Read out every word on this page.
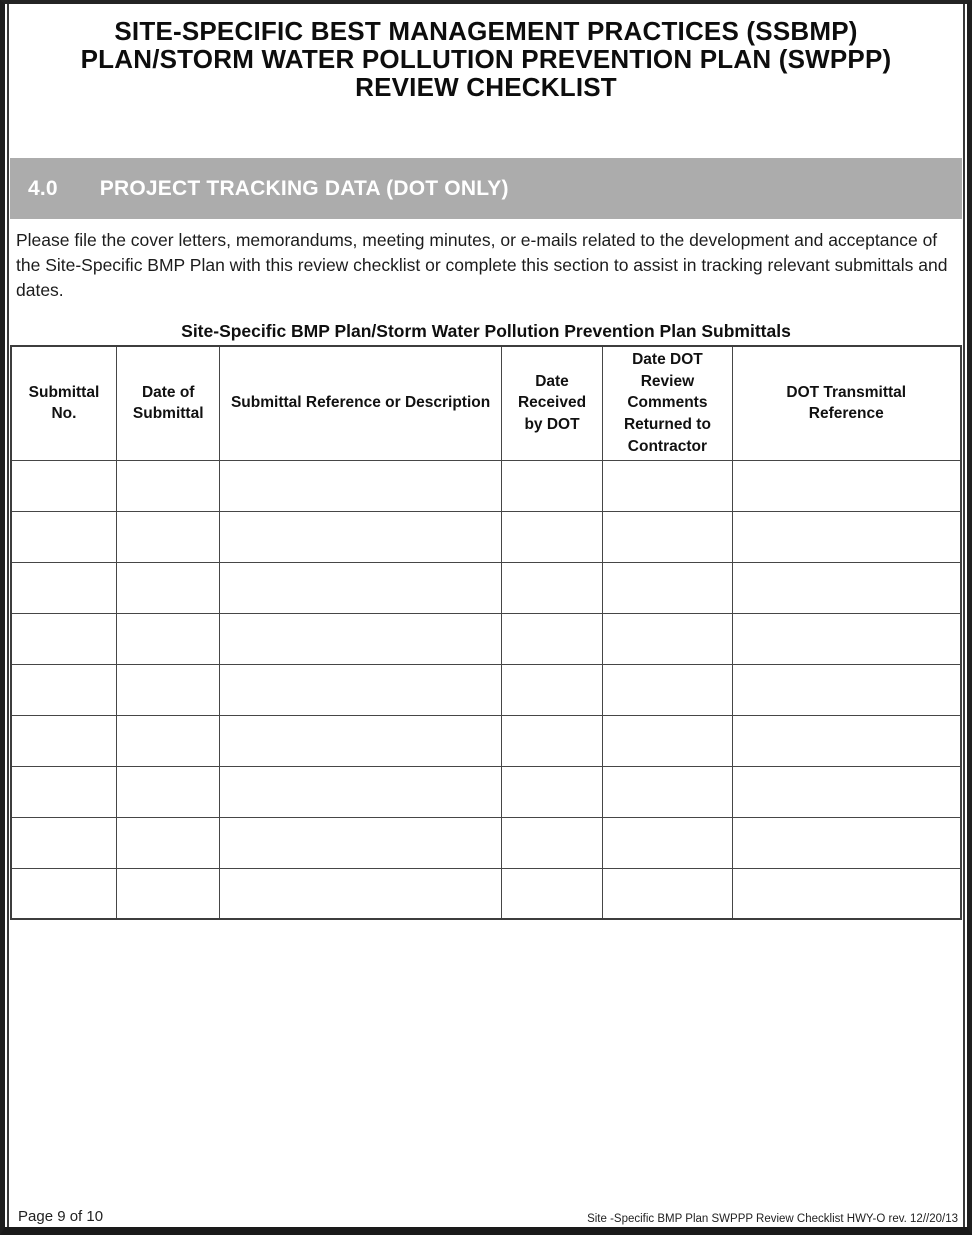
SITE-SPECIFIC BEST MANAGEMENT PRACTICES (SSBMP)
PLAN/STORM WATER POLLUTION PREVENTION PLAN (SWPPP)
REVIEW CHECKLIST
4.0 PROJECT TRACKING DATA (DOT ONLY)

Please file the cover letters, memorandums, meeting minutes, or e-mails related to the development and acceptance of the Site-Specific BMP Plan with this review checklist or complete this section to assist in tracking relevant submittals and dates.

Site-Specific BMP Plan/Storm Water Pollution Prevention Plan Submittals
Submittal No.	Date of Submittal	Submittal Reference or Description	Date Received by DOT	Date DOT Review Comments Returned to Contractor	DOT Transmittal Reference

Page 9 of 10	Site -Specific BMP Plan SWPPP Review Checklist HWY-O rev. 12//20/13
